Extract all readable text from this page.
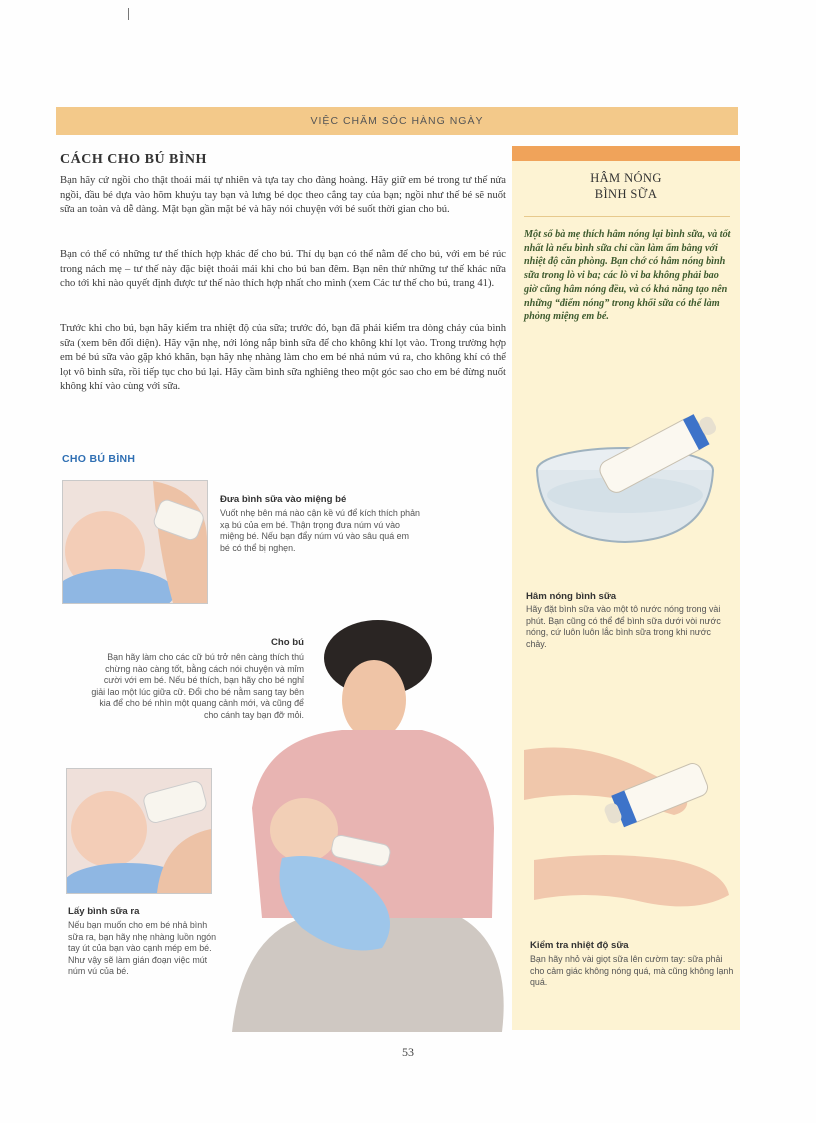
VIỆC CHĂM SÓC HÀNG NGÀY
HÂM NÓNG
BÌNH SỮA

Một số bà mẹ thích hâm nóng lại bình sữa, và tốt nhất là nếu bình sữa chỉ cần làm ấm bằng với nhiệt độ căn phòng. Bạn chớ có hâm nóng bình sữa trong lò vi ba; các lò vi ba không phải bao giờ cũng hâm nóng đều, và có khả năng tạo nên những “điểm nóng” trong khối sữa có thể làm phỏng miệng em bé.

Hâm nóng bình sữa

Hãy đặt bình sữa vào một tô nước nóng trong vài phút. Bạn cũng có thể để bình sữa dưới vòi nước nóng, cứ luôn luôn lắc bình sữa trong khi nước chảy.

Kiểm tra nhiệt độ sữa

Bạn hãy nhỏ vài giọt sữa lên cườm tay: sữa phải cho cảm giác không nóng quá, mà cũng không lạnh quá.

CÁCH CHO BÚ BÌNH

Bạn hãy cứ ngồi cho thật thoải mái tự nhiên và tựa tay cho đàng hoàng. Hãy giữ em bé trong tư thế nửa ngồi, đầu bé dựa vào hõm khuỷu tay bạn và lưng bé dọc theo cẳng tay của bạn; ngồi như thế bé sẽ nuốt sữa an toàn và dễ dàng. Mặt bạn gần mặt bé và hãy nói chuyện với bé suốt thời gian cho bú.

Bạn có thể có những tư thế thích hợp khác để cho bú. Thí dụ bạn có thể nằm để cho bú, với em bé rúc trong nách mẹ – tư thế này đặc biệt thoải mái khi cho bú ban đêm. Bạn nên thử những tư thế khác nữa cho tới khi nào quyết định được tư thế nào thích hợp nhất cho mình (xem Các tư thế cho bú, trang 41).

Trước khi cho bú, bạn hãy kiểm tra nhiệt độ của sữa; trước đó, bạn đã phải kiểm tra dòng chảy của bình sữa (xem bên đối diện). Hãy vặn nhẹ, nới lỏng nắp bình sữa để cho không khí lọt vào. Trong trường hợp em bé bú sữa vào gặp khó khăn, bạn hãy nhẹ nhàng làm cho em bé nhả núm vú ra, cho không khí có thể lọt vô bình sữa, rồi tiếp tục cho bú lại. Hãy cầm bình sữa nghiêng theo một góc sao cho em bé đừng nuốt không khí vào cùng với sữa.

CHO BÚ BÌNH
Đưa bình sữa vào miệng bé

Vuốt nhẹ bên má nào cận kề vú để kích thích phản xạ bú của em bé. Thận trọng đưa núm vú vào miệng bé. Nếu bạn đẩy núm vú vào sâu quá em bé có thể bị nghẹn.

Cho bú

Bạn hãy làm cho các cữ bú trở nên càng thích thú chừng nào càng tốt, bằng cách nói chuyện và mỉm cười với em bé. Nếu bé thích, bạn hãy cho bé nghỉ giải lao một lúc giữa cữ. Đổi cho bé nằm sang tay bên kia để cho bé nhìn một quang cảnh mới, và cũng để cho cánh tay bạn đỡ mỏi.

Lấy bình sữa ra

Nếu bạn muốn cho em bé nhả bình sữa ra, bạn hãy nhẹ nhàng luồn ngón tay út của bạn vào cạnh mép em bé. Như vậy sẽ làm gián đoạn việc mút núm vú của bé.

53
